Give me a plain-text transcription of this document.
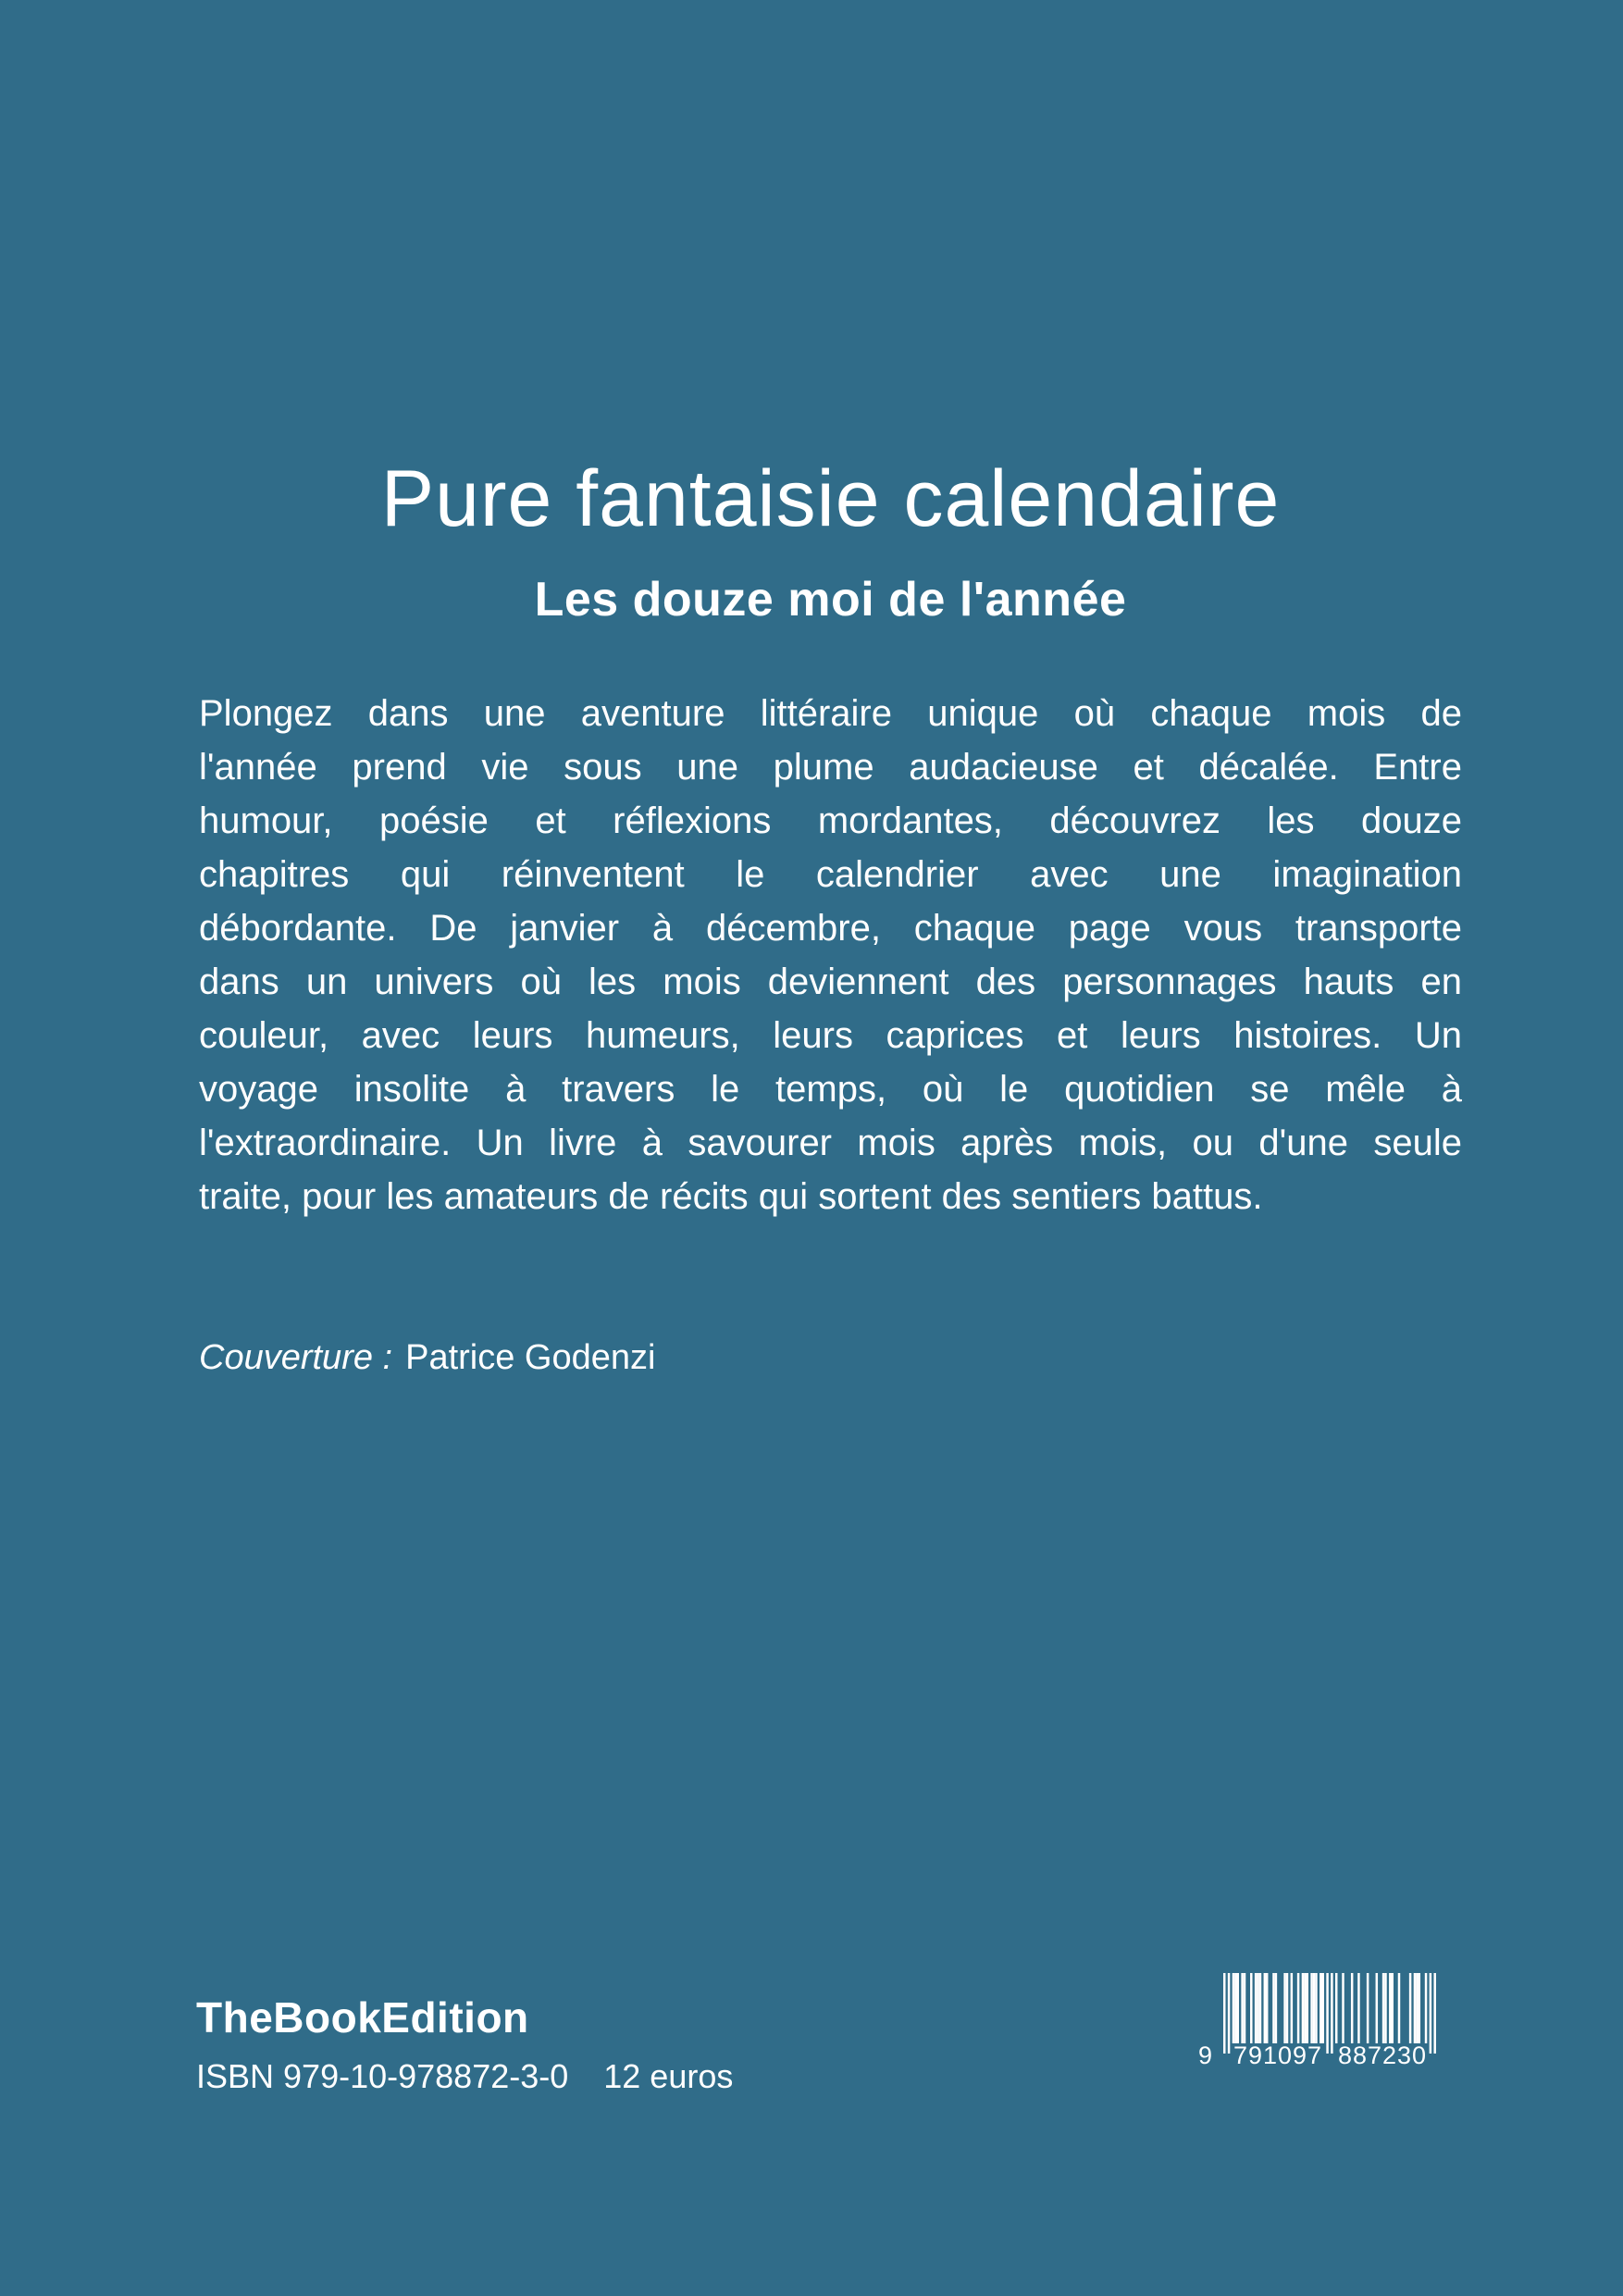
Pure fantaisie calendaire
Les douze moi de l'année
Plongez dans une aventure littéraire unique où chaque mois de
l'année prend vie sous une plume audacieuse et décalée. Entre
humour, poésie et réflexions mordantes, découvrez les douze
chapitres qui réinventent le calendrier avec une imagination
débordante. De janvier à décembre, chaque page vous transporte
dans un univers où les mois deviennent des personnages hauts en
couleur, avec leurs humeurs, leurs caprices et leurs histoires. Un
voyage insolite à travers le temps, où le quotidien se mêle à
l'extraordinaire. Un livre à savourer mois après mois, ou d'une seule
traite, pour les amateurs de récits qui sortent des sentiers battus.
Couverture : Patrice Godenzi
TheBookEdition
ISBN 979-10-978872-3-0 12 euros
9 791097 887230
